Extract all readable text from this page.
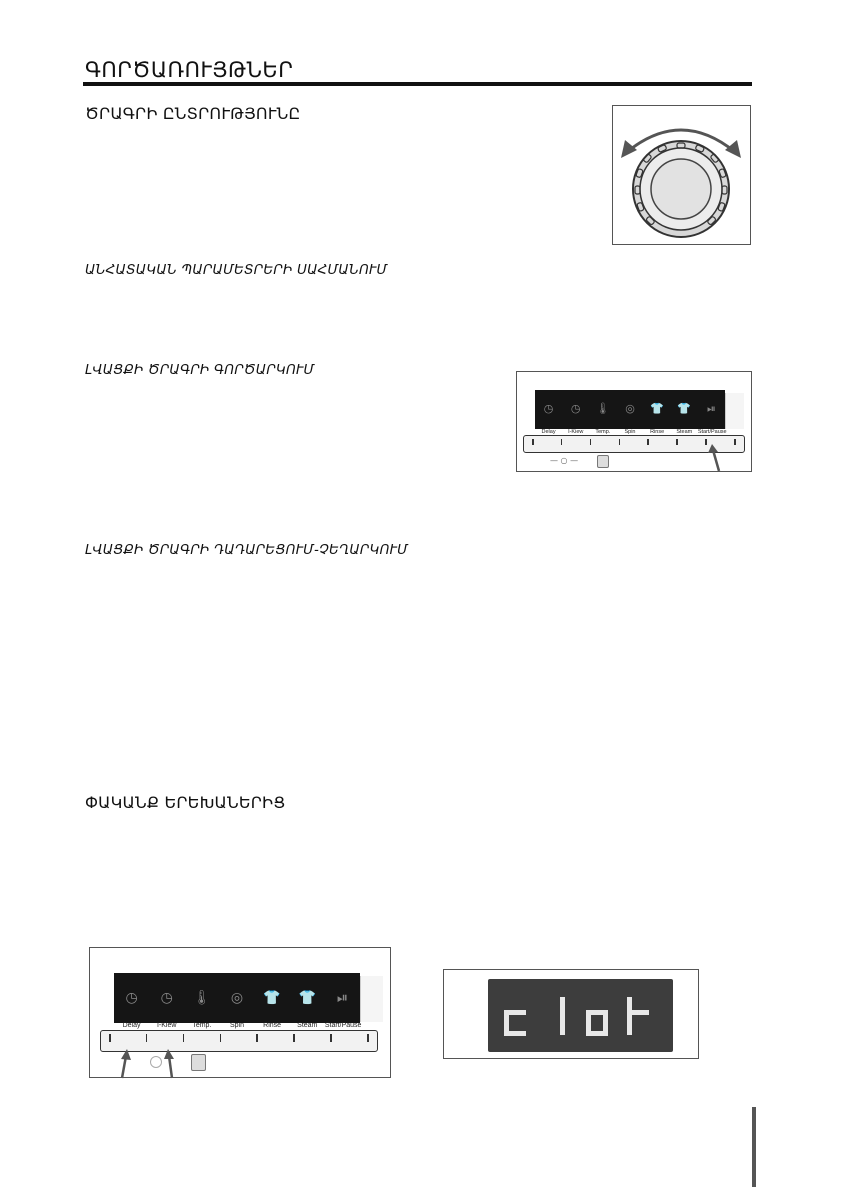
ԳՈՐԾԱՌՈՒՅԹՆԵՐ
ԾՐԱԳՐԻ ԸՆՏՐՈՒԹՅՈՒՆԸ
ԱՆՀԱՏԱԿԱՆ ՊԱՐԱՄԵՏՐԵՐԻ ՍԱՀՄԱՆՈՒՄ
ԼՎԱՑՔԻ ԾՐԱԳՐԻ ԳՈՐԾԱՐԿՈՒՄ
ԼՎԱՑՔԻ ԾՐԱԳՐԻ ԴԱԴԱՐԵՑՈՒՄ-ՉԵՂԱՐԿՈՒՄ
ՓԱԿԱՆՔ ԵՐԵԽԱՆԵՐԻՑ
◷	◷	🌡	◎	👕	👕	⏯
Delay	I-Kiew	Temp.	Spin	Rinse	Steam	Start/Pause
— ○ —
◷	◷	🌡	◎	👕	👕	⏯
Delay	I-Kiew	Temp.	Spin	Rinse	Steam	Start/Pause
